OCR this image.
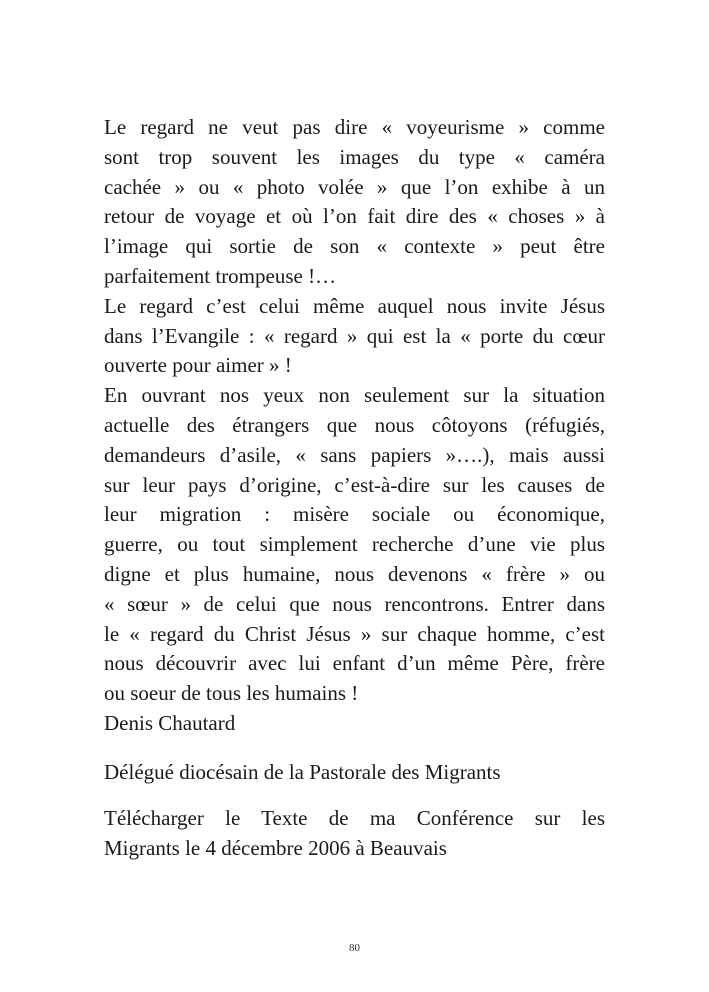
Le regard ne veut pas dire « voyeurisme » comme
sont trop souvent les images du type « caméra
cachée » ou « photo volée » que l’on exhibe à un
retour de voyage et où l’on fait dire des « choses » à
l’image qui sortie de son « contexte » peut être
parfaitement trompeuse !…
Le regard c’est celui même auquel nous invite Jésus
dans l’Evangile : « regard » qui est la « porte du cœur
ouverte pour aimer » !
En ouvrant nos yeux non seulement sur la situation
actuelle des étrangers que nous côtoyons (réfugiés,
demandeurs d’asile, « sans papiers »….), mais aussi
sur leur pays d’origine, c’est-à-dire sur les causes de
leur migration : misère sociale ou économique,
guerre, ou tout simplement recherche d’une vie plus
digne et plus humaine, nous devenons « frère » ou
« sœur » de celui que nous rencontrons. Entrer dans
le « regard du Christ Jésus » sur chaque homme, c’est
nous découvrir avec lui enfant d’un même Père, frère
ou soeur de tous les humains !
Denis Chautard
Délégué diocésain de la Pastorale des Migrants
Télécharger le Texte de ma Conférence sur les
Migrants le 4 décembre 2006 à Beauvais
80
